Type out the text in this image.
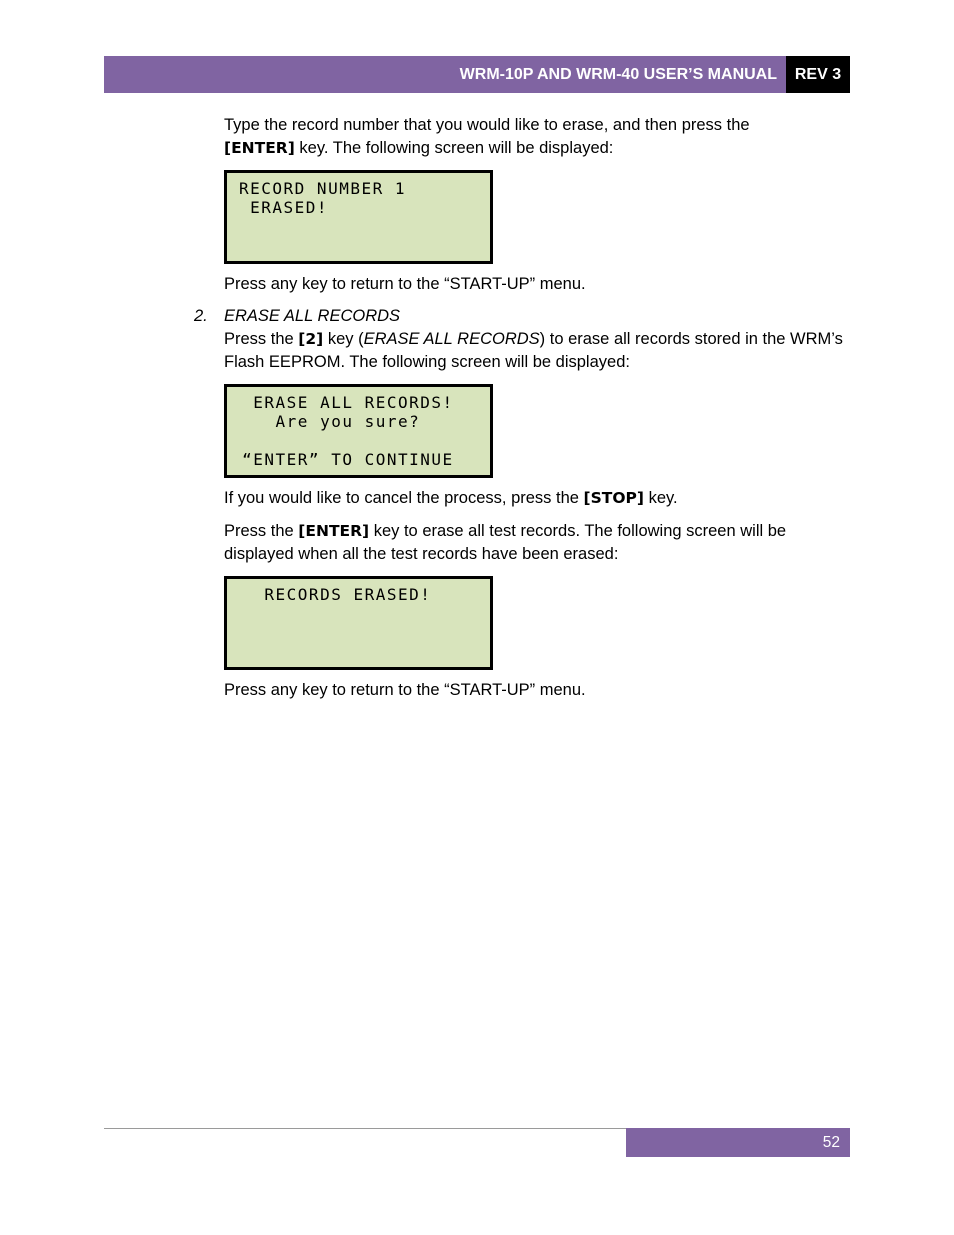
WRM-10P AND WRM-40 USER’S MANUAL	REV 3

Type the record number that you would like to erase, and then press the
[ENTER] key. The following screen will be displayed:

RECORD NUMBER 1
ERASED!

Press any key to return to the “START-UP” menu.

2. ERASE ALL RECORDS

Press the [2] key (ERASE ALL RECORDS) to erase all records stored in the WRM’s
Flash EEPROM. The following screen will be displayed:

ERASE ALL RECORDS!
Are you sure?
“ENTER” TO CONTINUE

If you would like to cancel the process, press the [STOP] key.

Press the [ENTER] key to erase all test records. The following screen will be
displayed when all the test records have been erased:

RECORDS ERASED!

Press any key to return to the “START-UP” menu.

52
